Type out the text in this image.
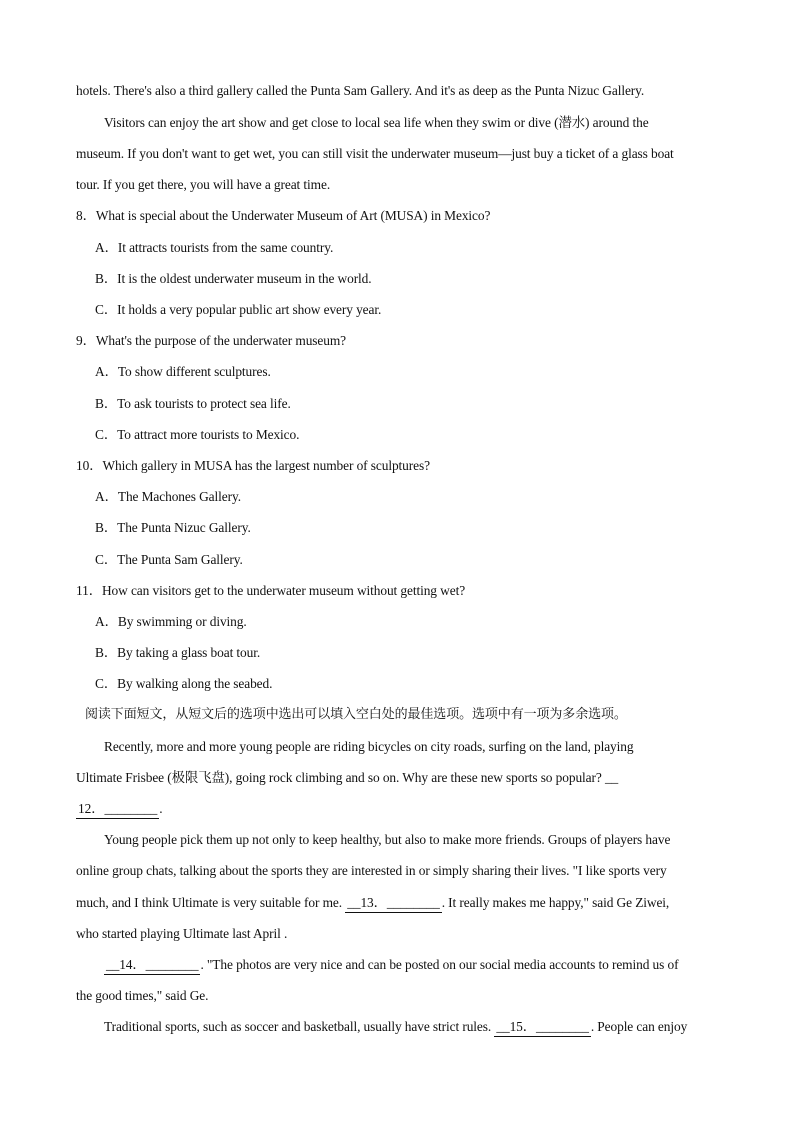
hotels. There's also a third gallery called the Punta Sam Gallery. And it's as deep as the Punta Nizuc Gallery.
Visitors can enjoy the art show and get close to local sea life when they swim or dive (潜水) around the
museum. If you don't want to get wet, you can still visit the underwater museum—just buy a ticket of a glass boat
tour. If you get there, you will have a great time.
8．What is special about the Underwater Museum of Art (MUSA) in Mexico?
A．It attracts tourists from the same country.
B．It is the oldest underwater museum in the world.
C．It holds a very popular public art show every year.
9．What's the purpose of the underwater museum?
A．To show different sculptures.
B．To ask tourists to protect sea life.
C．To attract more tourists to Mexico.
10．Which gallery in MUSA has the largest number of sculptures?
A．The Machones Gallery.
B．The Punta Nizuc Gallery.
C．The Punta Sam Gallery.
11．How can visitors get to the underwater museum without getting wet?
A．By swimming or diving.
B．By taking a glass boat tour.
C．By walking along the seabed.
阅读下面短文，从短文后的选项中选出可以填入空白处的最佳选项。选项中有一项为多余选项。
Recently, more and more young people are riding bicycles on city roads, surfing on the land, playing
Ultimate Frisbee (极限飞盘), going rock climbing and so on. Why are these new sports so popular? __
12．________ .
Young people pick them up not only to keep healthy, but also to make more friends. Groups of players have
online group chats, talking about the sports they are interested in or simply sharing their lives. "I like sports very
much, and I think Ultimate is very suitable for me. __13．________ . It really makes me happy," said Ge Ziwei,
who started playing Ultimate last April .
__14．________ . "The photos are very nice and can be posted on our social media accounts to remind us of
the good times," said Ge.
Traditional sports, such as soccer and basketball, usually have strict rules. __15．________ . People can enjoy
